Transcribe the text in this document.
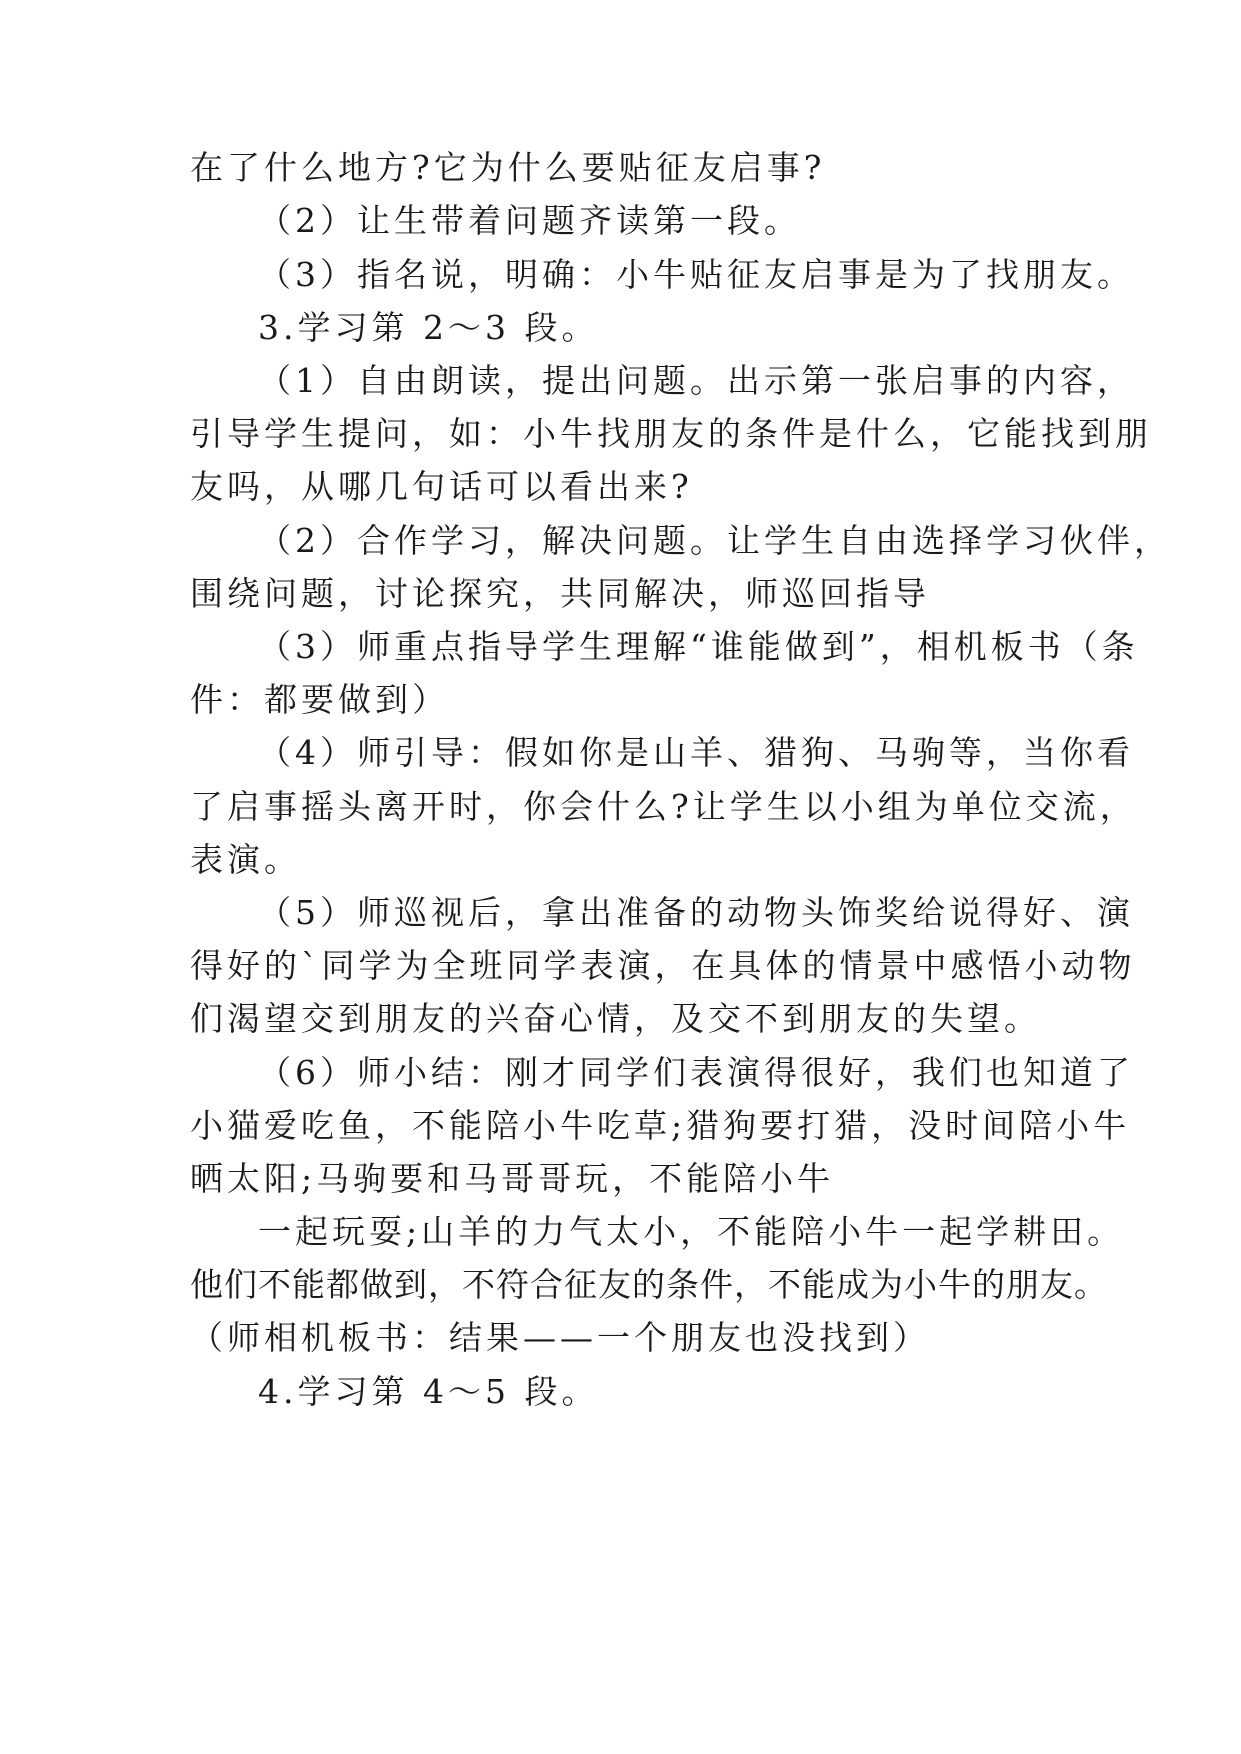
在了什么地方?它为什么要贴征友启事?
（2）让生带着问题齐读第一段。
（3）指名说，明确：小牛贴征友启事是为了找朋友。
3.学习第 2～3 段。
（1）自由朗读，提出问题。出示第一张启事的内容，
引导学生提问，如：小牛找朋友的条件是什么，它能找到朋
友吗，从哪几句话可以看出来?
（2）合作学习，解决问题。让学生自由选择学习伙伴，
围绕问题，讨论探究，共同解决，师巡回指导
（3）师重点指导学生理解“谁能做到”，相机板书（条
件：都要做到）
（4）师引导：假如你是山羊、猎狗、马驹等，当你看
了启事摇头离开时，你会什么?让学生以小组为单位交流，
表演。
（5）师巡视后，拿出准备的动物头饰奖给说得好、演
得好的`同学为全班同学表演，在具体的情景中感悟小动物
们渴望交到朋友的兴奋心情，及交不到朋友的失望。
（6）师小结：刚才同学们表演得很好，我们也知道了
小猫爱吃鱼，不能陪小牛吃草;猎狗要打猎，没时间陪小牛
晒太阳;马驹要和马哥哥玩，不能陪小牛
一起玩耍;山羊的力气太小，不能陪小牛一起学耕田。
他们不能都做到，不符合征友的条件，不能成为小牛的朋友。
（师相机板书：结果——一个朋友也没找到）
4.学习第 4～5 段。
